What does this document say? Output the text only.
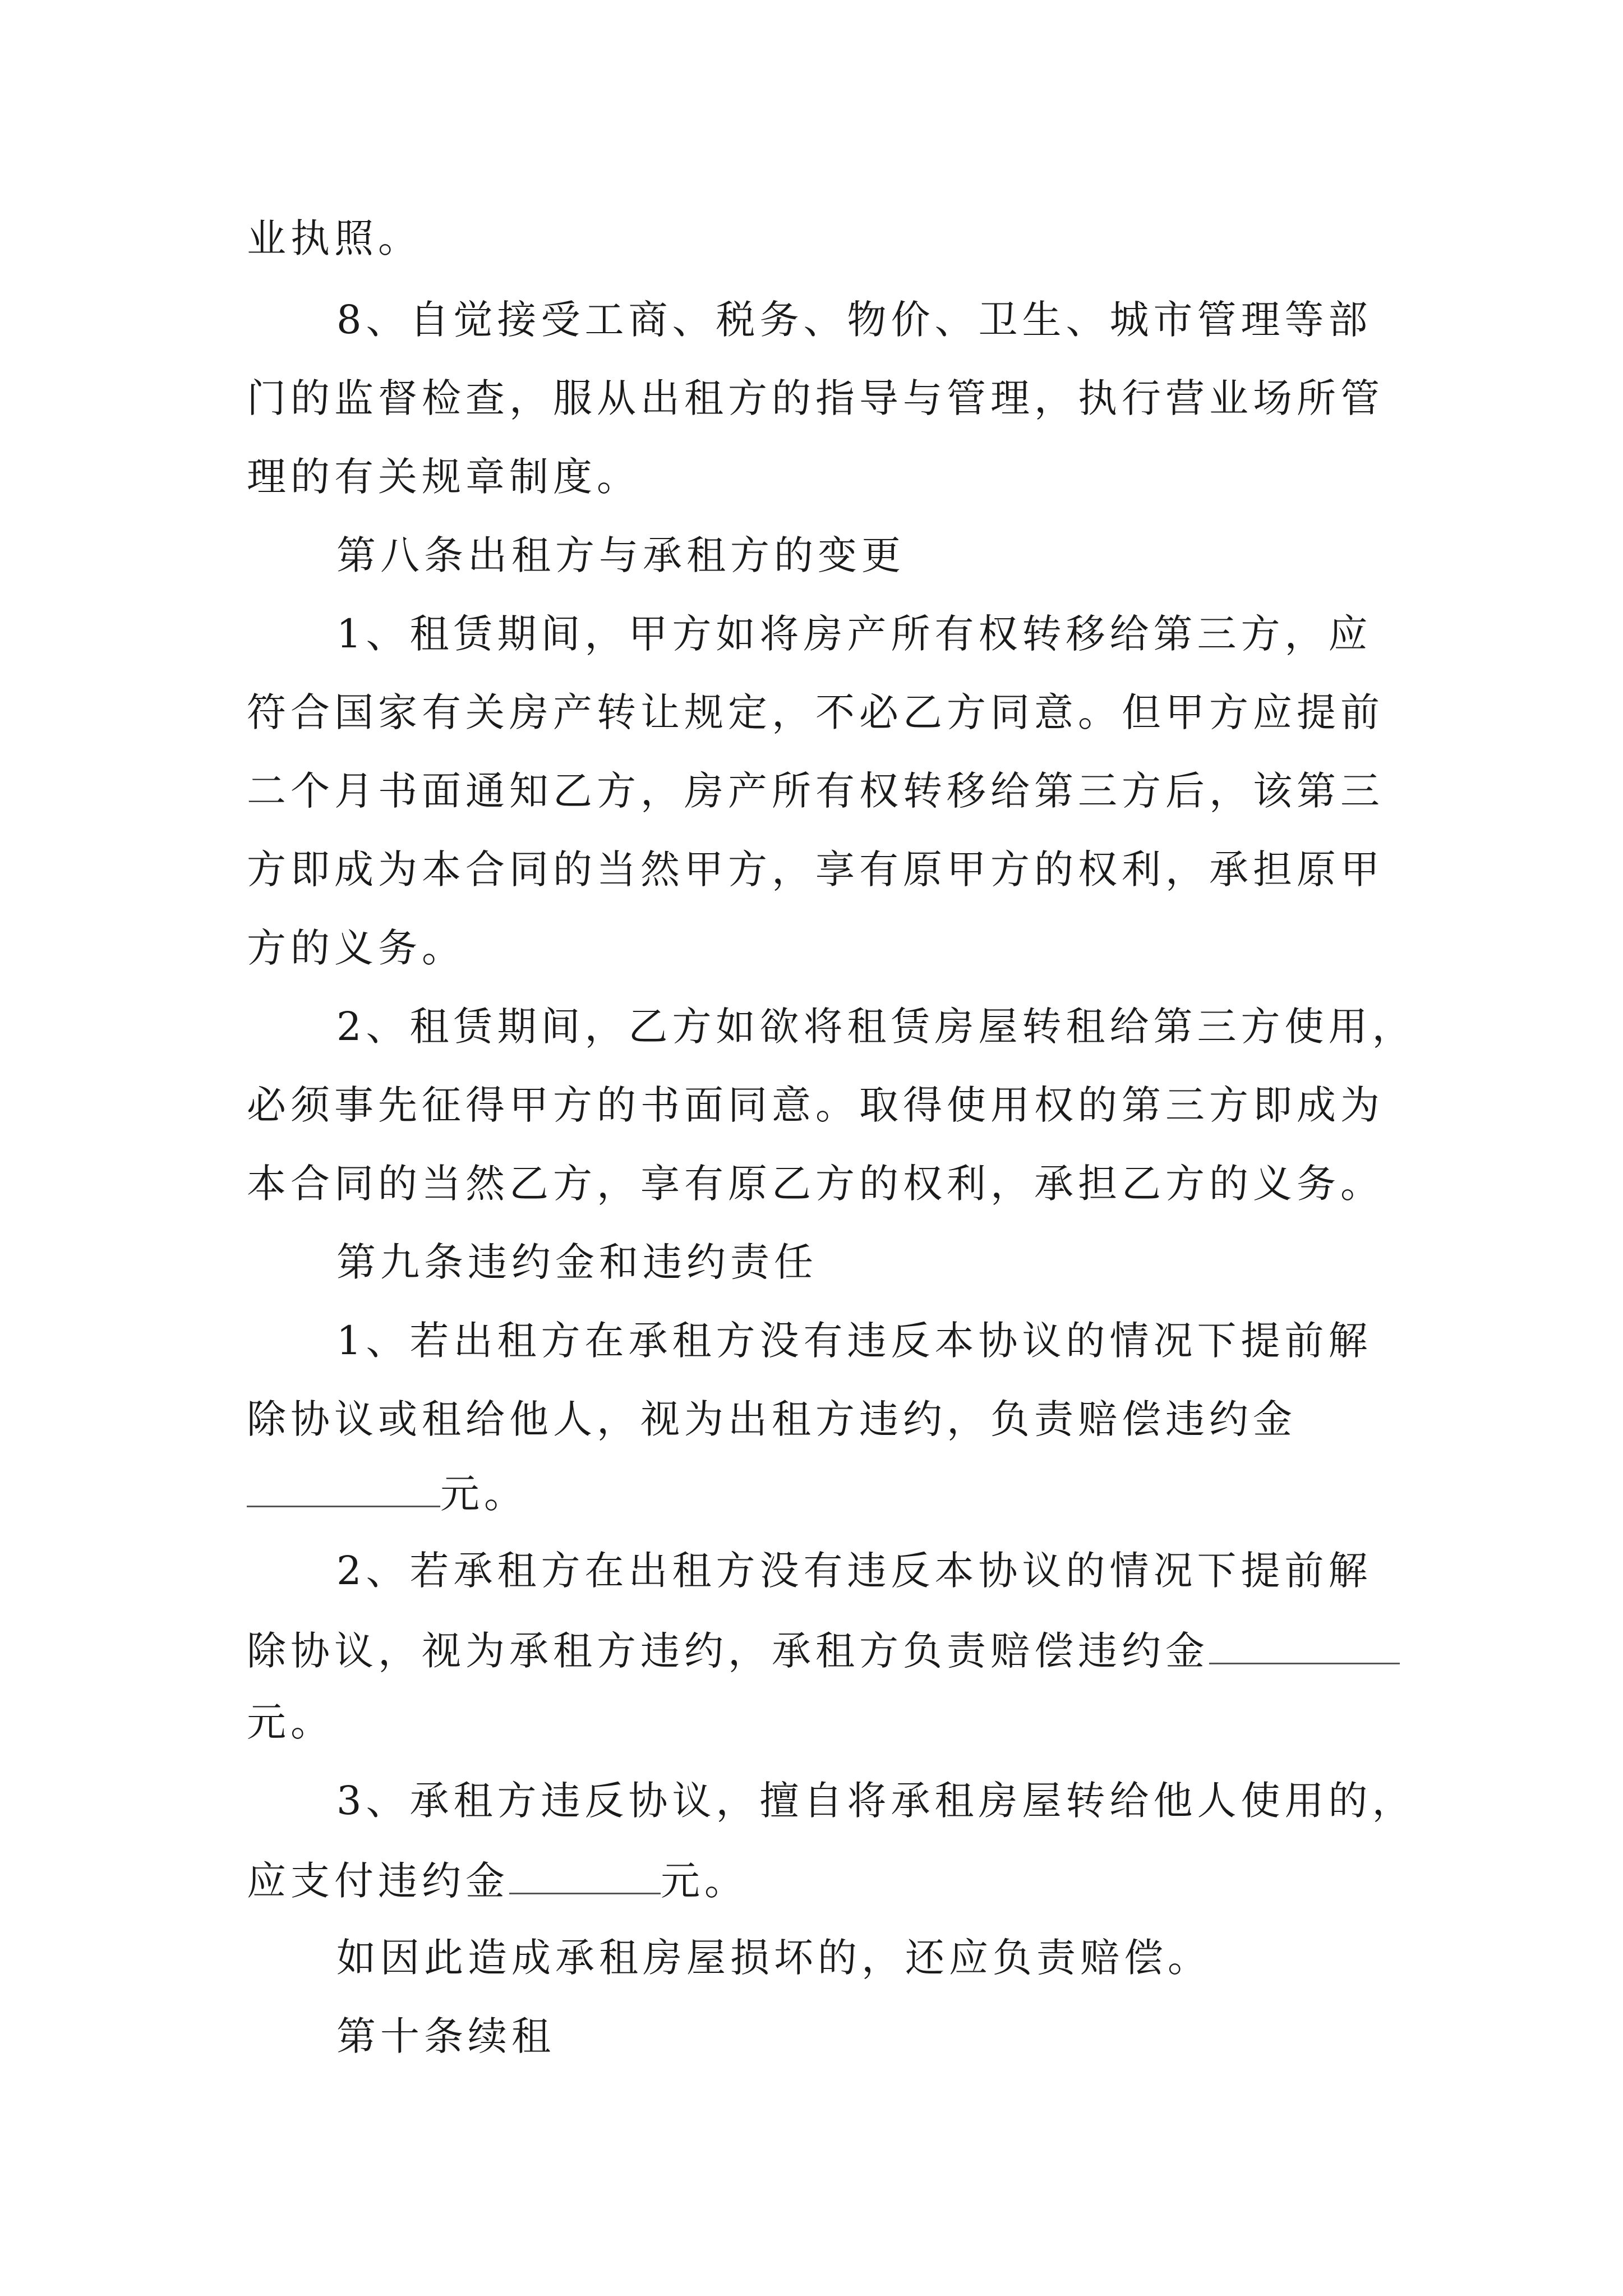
业执照。
8、自觉接受工商、税务、物价、卫生、城市管理等部
门的监督检查，服从出租方的指导与管理，执行营业场所管
理的有关规章制度。
第八条出租方与承租方的变更
1、租赁期间，甲方如将房产所有权转移给第三方，应
符合国家有关房产转让规定，不必乙方同意。但甲方应提前
二个月书面通知乙方，房产所有权转移给第三方后，该第三
方即成为本合同的当然甲方，享有原甲方的权利，承担原甲
方的义务。
2、租赁期间，乙方如欲将租赁房屋转租给第三方使用，
必须事先征得甲方的书面同意。取得使用权的第三方即成为
本合同的当然乙方，享有原乙方的权利，承担乙方的义务。
第九条违约金和违约责任
1、若出租方在承租方没有违反本协议的情况下提前解
除协议或租给他人，视为出租方违约，负责赔偿违约金
元。
2、若承租方在出租方没有违反本协议的情况下提前解
除协议，视为承租方违约，承租方负责赔偿违约金
元。
3、承租方违反协议，擅自将承租房屋转给他人使用的，
应支付违约金	元。
如因此造成承租房屋损坏的，还应负责赔偿。
第十条续租
